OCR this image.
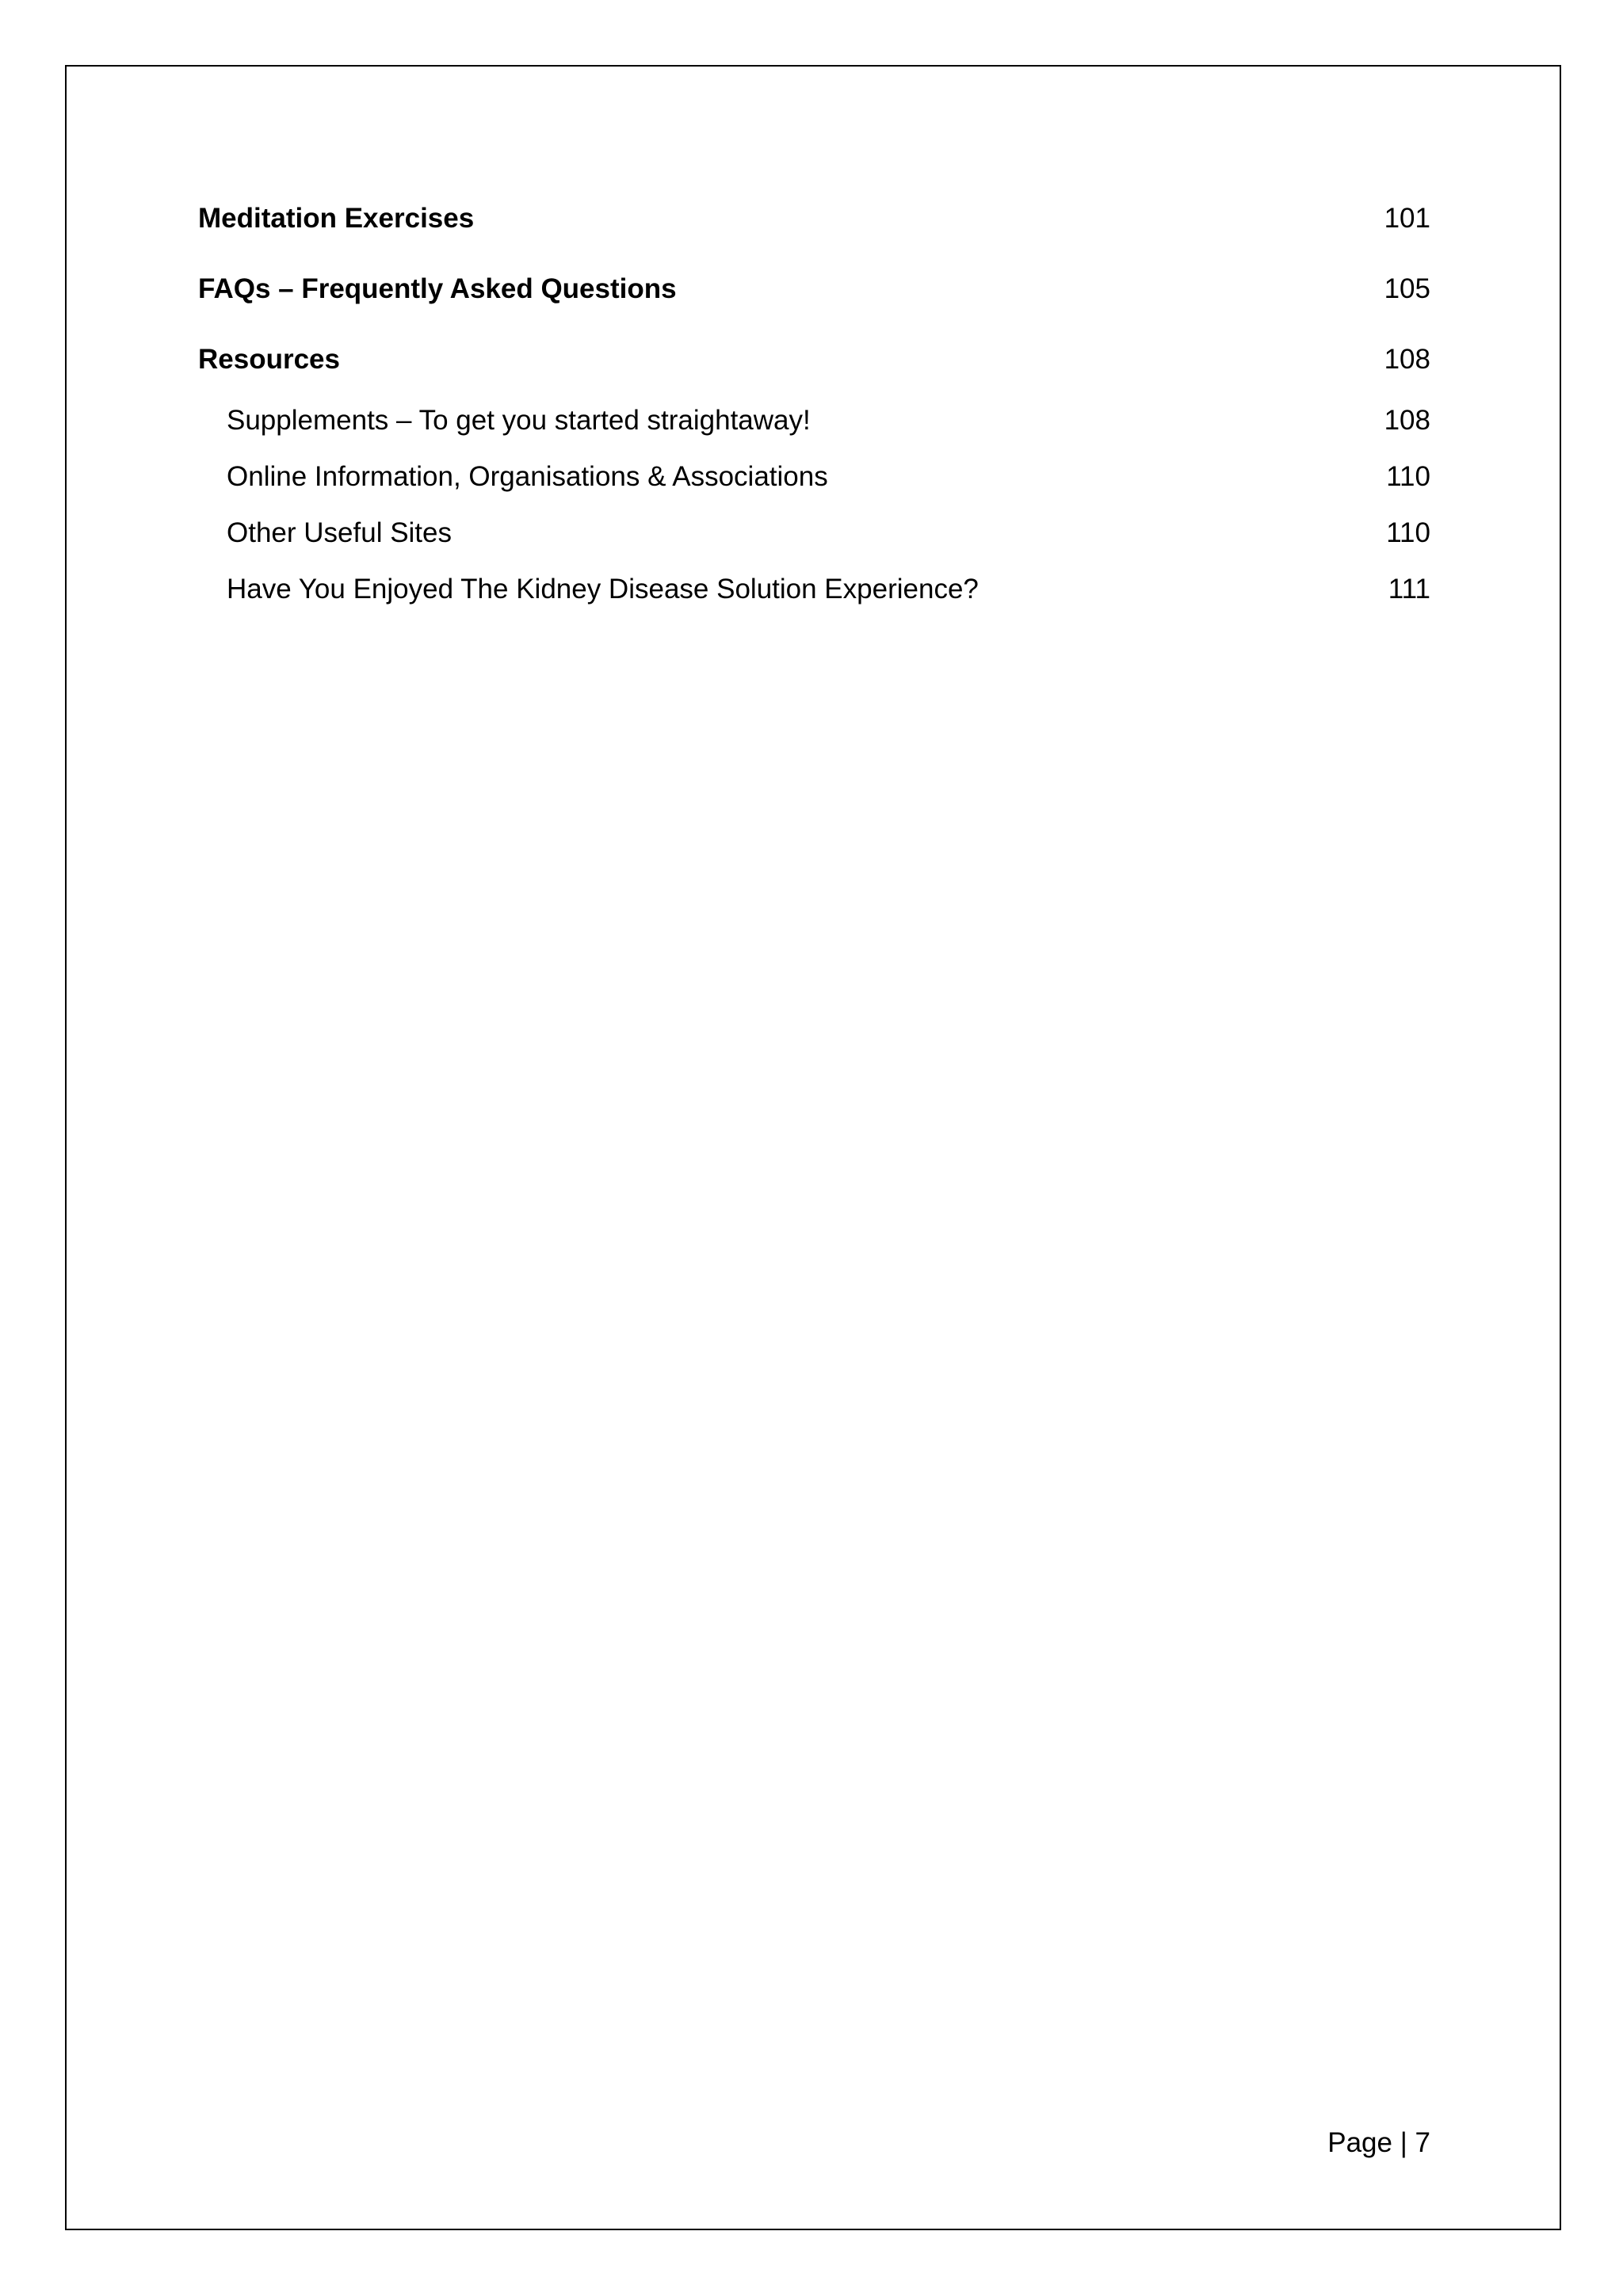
Meditation Exercises	101
FAQs – Frequently Asked Questions	105
Resources	108
Supplements – To get you started straightaway!	108
Online Information, Organisations & Associations	110
Other Useful Sites	110
Have You Enjoyed The Kidney Disease Solution Experience?	111
Page | 7
